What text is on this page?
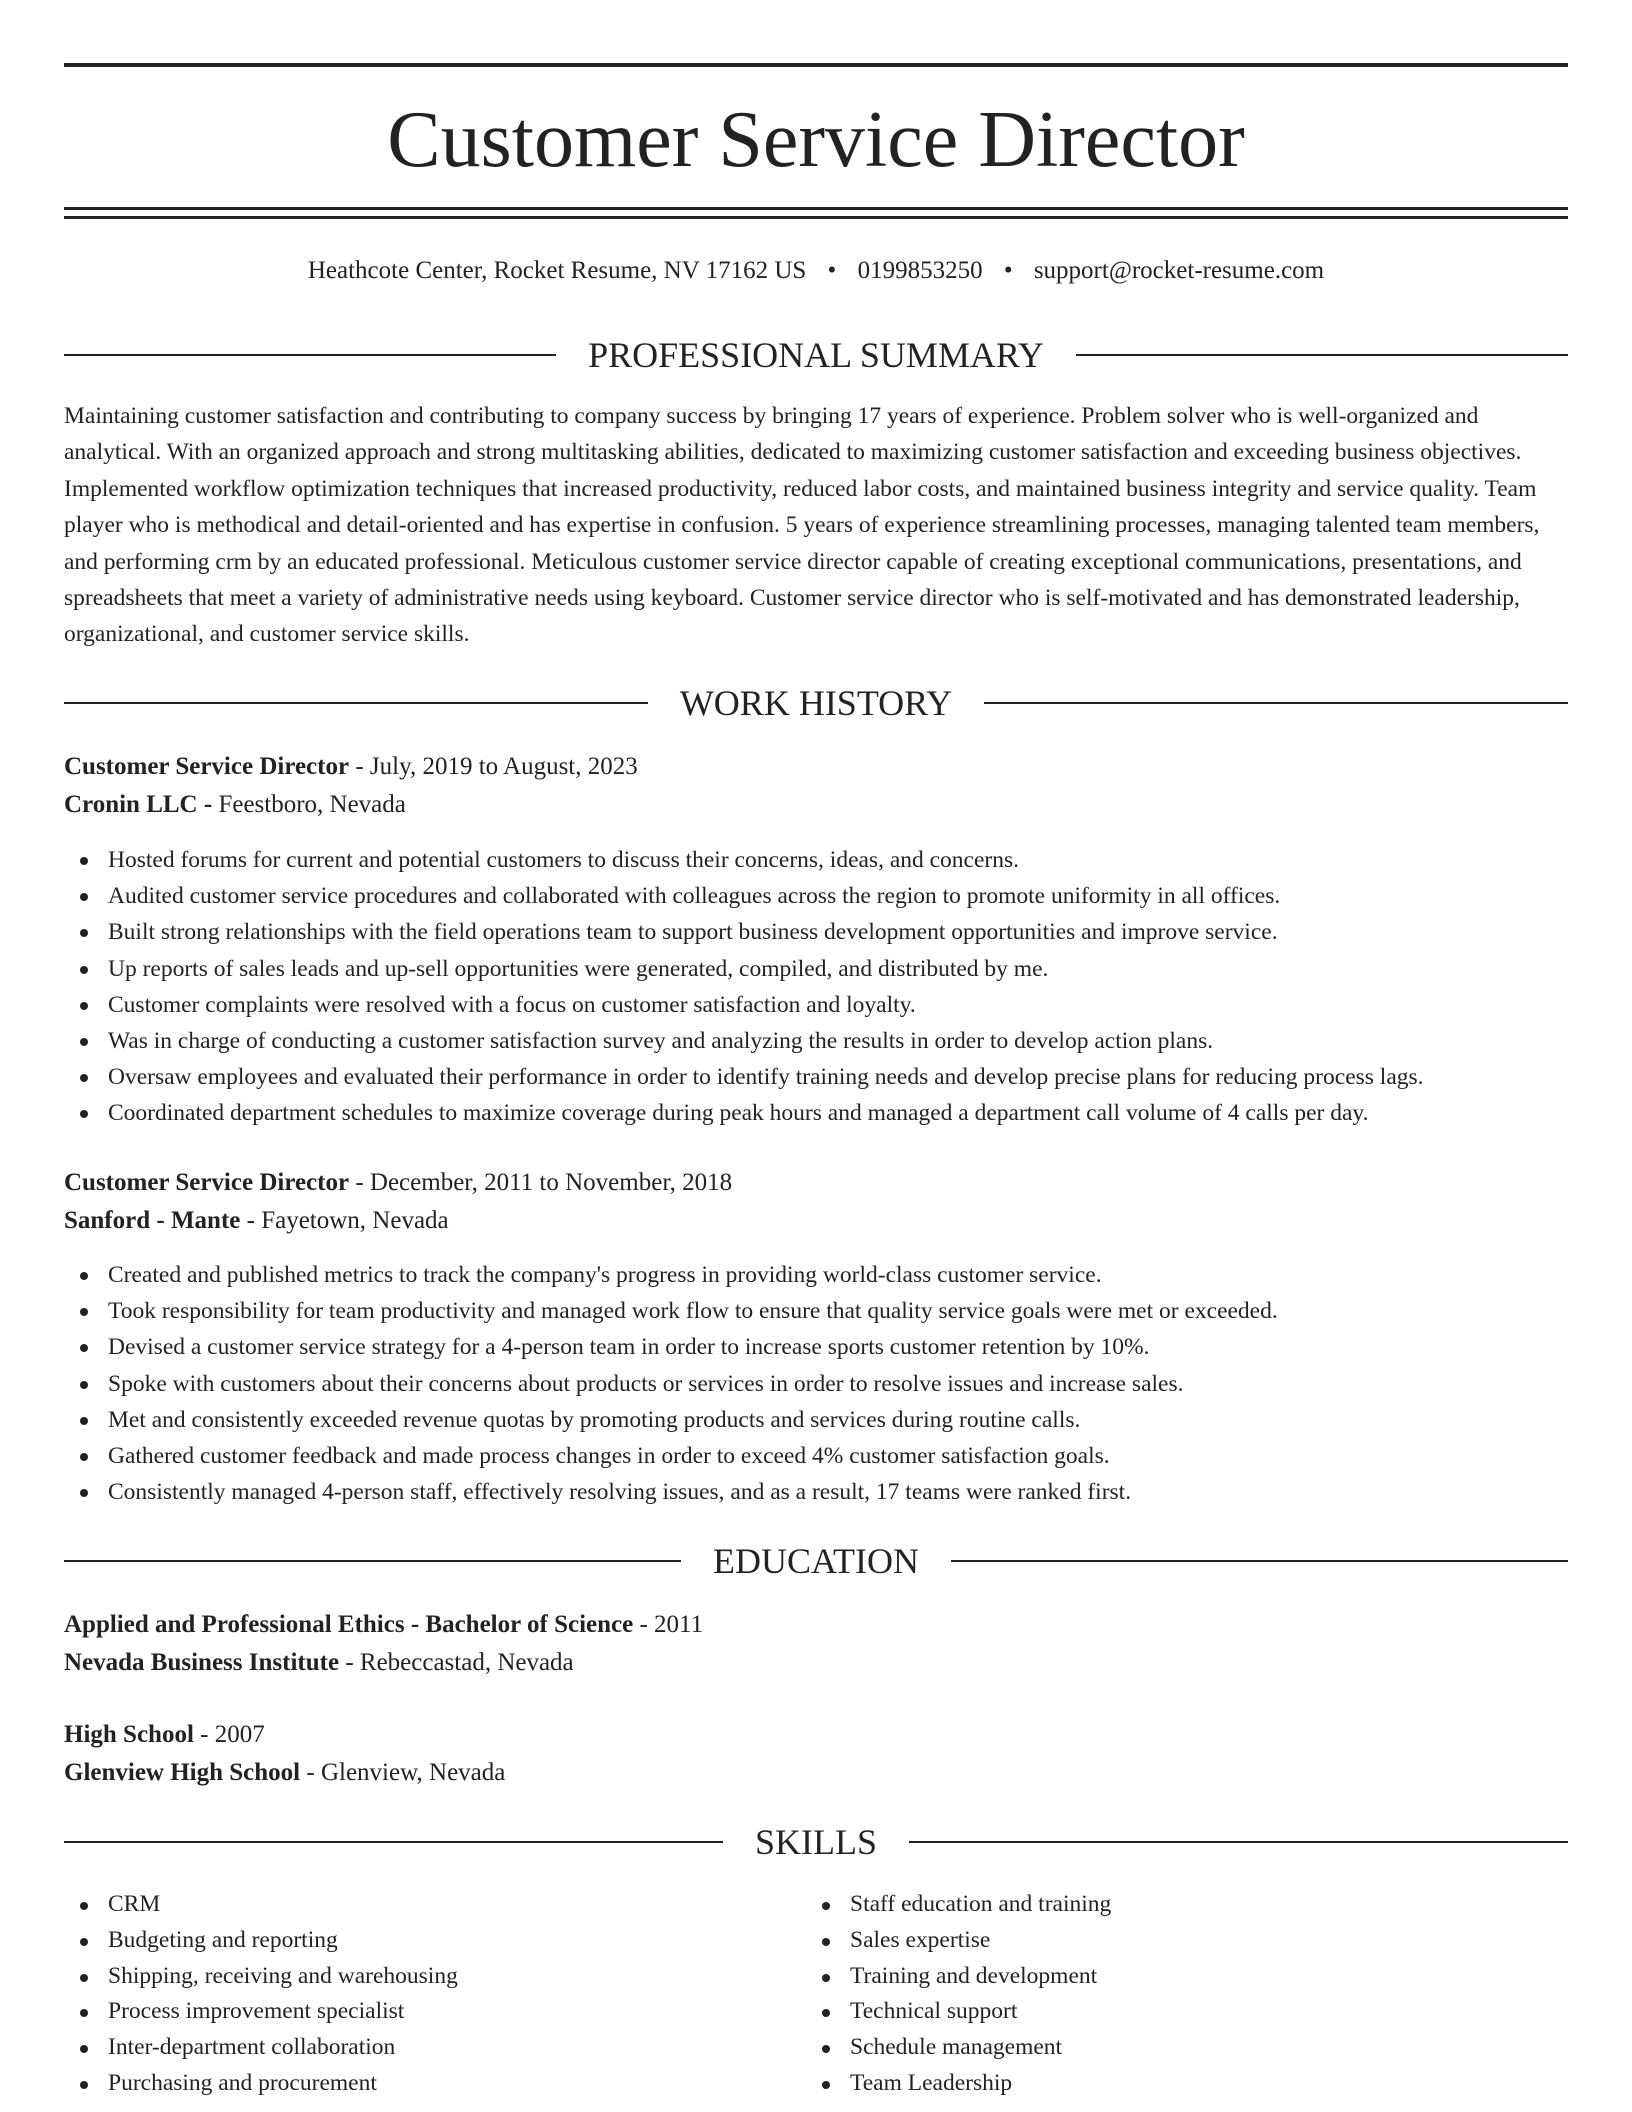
Customer Service Director
Heathcote Center, Rocket Resume, NV 17162 US • 0199853250 • support@rocket-resume.com
PROFESSIONAL SUMMARY

Maintaining customer satisfaction and contributing to company success by bringing 17 years of experience. Problem solver who is well-organized and analytical. With an organized approach and strong multitasking abilities, dedicated to maximizing customer satisfaction and exceeding business objectives. Implemented workflow optimization techniques that increased productivity, reduced labor costs, and maintained business integrity and service quality. Team player who is methodical and detail-oriented and has expertise in confusion. 5 years of experience streamlining processes, managing talented team members, and performing crm by an educated professional. Meticulous customer service director capable of creating exceptional communications, presentations, and spreadsheets that meet a variety of administrative needs using keyboard. Customer service director who is self-motivated and has demonstrated leadership, organizational, and customer service skills.

WORK HISTORY
Customer Service Director - July, 2019 to August, 2023
Cronin LLC - Feestboro, Nevada
Hosted forums for current and potential customers to discuss their concerns, ideas, and concerns.
Audited customer service procedures and collaborated with colleagues across the region to promote uniformity in all offices.
Built strong relationships with the field operations team to support business development opportunities and improve service.
Up reports of sales leads and up-sell opportunities were generated, compiled, and distributed by me.
Customer complaints were resolved with a focus on customer satisfaction and loyalty.
Was in charge of conducting a customer satisfaction survey and analyzing the results in order to develop action plans.
Oversaw employees and evaluated their performance in order to identify training needs and develop precise plans for reducing process lags.
Coordinated department schedules to maximize coverage during peak hours and managed a department call volume of 4 calls per day.
Customer Service Director - December, 2011 to November, 2018
Sanford - Mante - Fayetown, Nevada
Created and published metrics to track the company's progress in providing world-class customer service.
Took responsibility for team productivity and managed work flow to ensure that quality service goals were met or exceeded.
Devised a customer service strategy for a 4-person team in order to increase sports customer retention by 10%.
Spoke with customers about their concerns about products or services in order to resolve issues and increase sales.
Met and consistently exceeded revenue quotas by promoting products and services during routine calls.
Gathered customer feedback and made process changes in order to exceed 4% customer satisfaction goals.
Consistently managed 4-person staff, effectively resolving issues, and as a result, 17 teams were ranked first.
EDUCATION
Applied and Professional Ethics - Bachelor of Science - 2011
Nevada Business Institute - Rebeccastad, Nevada
High School - 2007
Glenview High School - Glenview, Nevada
SKILLS
CRM
Budgeting and reporting
Shipping, receiving and warehousing
Process improvement specialist
Inter-department collaboration
Purchasing and procurement
Staff education and training
Sales expertise
Training and development
Technical support
Schedule management
Team Leadership
